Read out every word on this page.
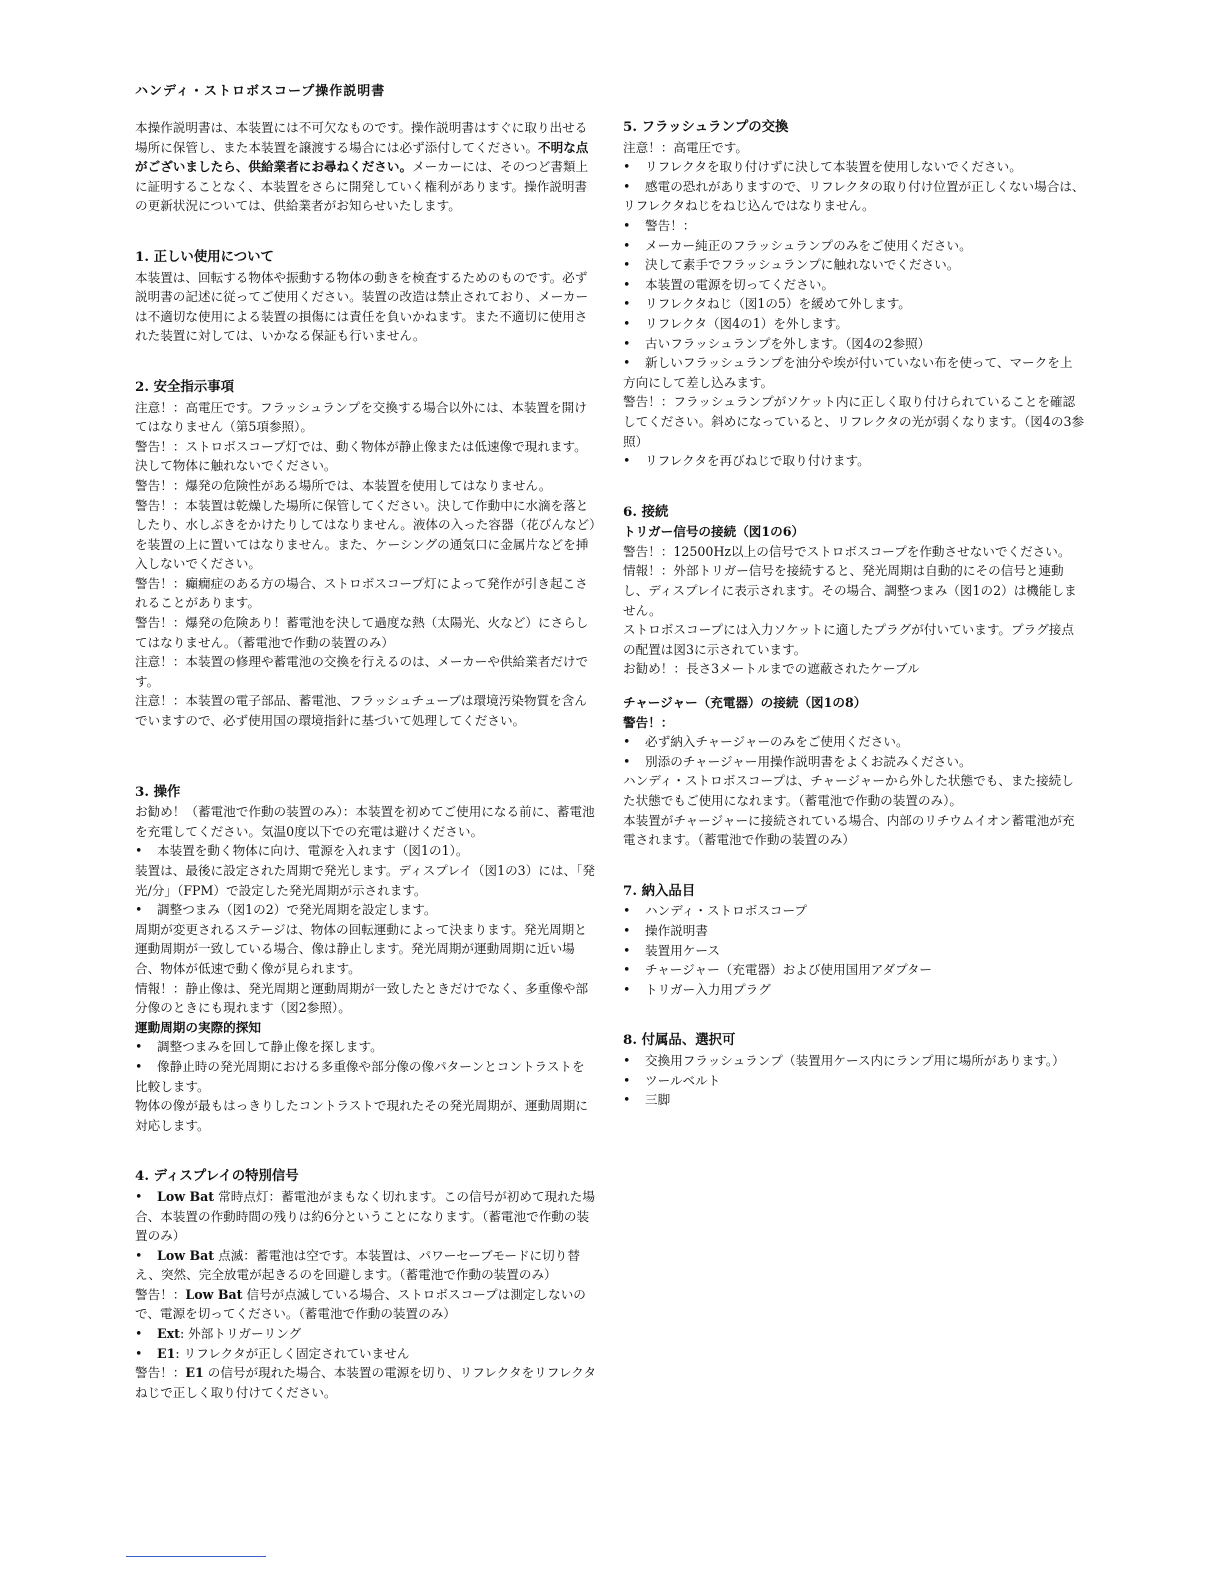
ハンディ・ストロボスコープ操作説明書

本操作説明書は、本装置には不可欠なものです。操作説明書はすぐに取り出せる場所に保管し、また本装置を譲渡する場合には必ず添付してください。不明な点がございましたら、供給業者にお尋ねください。メーカーには、そのつど書類上に証明することなく、本装置をさらに開発していく権利があります。操作説明書の更新状況については、供給業者がお知らせいたします。

1. 正しい使用について

本装置は、回転する物体や振動する物体の動きを検査するためのものです。必ず説明書の記述に従ってご使用ください。装置の改造は禁止されており、メーカーは不適切な使用による装置の損傷には責任を負いかねます。また不適切に使用された装置に対しては、いかなる保証も行いません。

2. 安全指示事項

注意！：高電圧です。フラッシュランプを交換する場合以外には、本装置を開けてはなりません（第5項参照）。

警告！：ストロボスコープ灯では、動く物体が静止像または低速像で現れます。決して物体に触れないでください。

警告！：爆発の危険性がある場所では、本装置を使用してはなりません。

警告！：本装置は乾燥した場所に保管してください。決して作動中に水滴を落としたり、水しぶきをかけたりしてはなりません。液体の入った容器（花びんなど）を装置の上に置いてはなりません。また、ケーシングの通気口に金属片などを挿入しないでください。

警告！：癲癇症のある方の場合、ストロボスコープ灯によって発作が引き起こされることがあります。

警告！：爆発の危険あり！蓄電池を決して過度な熱（太陽光、火など）にさらしてはなりません。（蓄電池で作動の装置のみ）

注意！：本装置の修理や蓄電池の交換を行えるのは、メーカーや供給業者だけです。

注意！：本装置の電子部品、蓄電池、フラッシュチューブは環境汚染物質を含んでいますので、必ず使用国の環境指針に基づいて処理してください。

3. 操作

お勧め！（蓄電池で作動の装置のみ）：本装置を初めてご使用になる前に、蓄電池を充電してください。気温0度以下での充電は避けください。

• 本装置を動く物体に向け、電源を入れます（図1の1）。

装置は、最後に設定された周期で発光します。ディスプレイ（図1の3）には、「発光/分」（FPM）で設定した発光周期が示されます。

• 調整つまみ（図1の2）で発光周期を設定します。

周期が変更されるステージは、物体の回転運動によって決まります。発光周期と運動周期が一致している場合、像は静止します。発光周期が運動周期に近い場合、物体が低速で動く像が見られます。

情報！：静止像は、発光周期と運動周期が一致したときだけでなく、多重像や部分像のときにも現れます（図2参照）。

運動周期の実際的探知

• 調整つまみを回して静止像を探します。

• 像静止時の発光周期における多重像や部分像の像パターンとコントラストを比較します。

物体の像が最もはっきりしたコントラストで現れたその発光周期が、運動周期に対応します。

4. ディスプレイの特別信号

• Low Bat 常時点灯：蓄電池がまもなく切れます。この信号が初めて現れた場合、本装置の作動時間の残りは約6分ということになります。（蓄電池で作動の装置のみ）

• Low Bat 点滅：蓄電池は空です。本装置は、パワーセーブモードに切り替え、突然、完全放電が起きるのを回避します。（蓄電池で作動の装置のみ）

警告！：Low Bat 信号が点滅している場合、ストロボスコープは測定しないので、電源を切ってください。（蓄電池で作動の装置のみ）

• Ext: 外部トリガーリング

• E1: リフレクタが正しく固定されていません

警告！：E1 の信号が現れた場合、本装置の電源を切り、リフレクタをリフレクタねじで正しく取り付けてください。

5. フラッシュランプの交換

注意！：高電圧です。

• リフレクタを取り付けずに決して本装置を使用しないでください。

• 感電の恐れがありますので、リフレクタの取り付け位置が正しくない場合は、リフレクタねじをねじ込んではなりません。

• 警告！：

• メーカー純正のフラッシュランプのみをご使用ください。

• 決して素手でフラッシュランプに触れないでください。

• 本装置の電源を切ってください。

• リフレクタねじ（図1の5）を緩めて外します。

• リフレクタ（図4の1）を外します。

• 古いフラッシュランプを外します。（図4の2参照）

• 新しいフラッシュランプを油分や埃が付いていない布を使って、マークを上方向にして差し込みます。

警告！：フラッシュランプがソケット内に正しく取り付けられていることを確認してください。斜めになっていると、リフレクタの光が弱くなります。（図4の3参照）

• リフレクタを再びねじで取り付けます。

6. 接続

トリガー信号の接続（図1の6）

警告！：12500Hz以上の信号でストロボスコープを作動させないでください。

情報！：外部トリガー信号を接続すると、発光周期は自動的にその信号と連動し、ディスプレイに表示されます。その場合、調整つまみ（図1の2）は機能しません。

ストロボスコープには入力ソケットに適したプラグが付いています。プラグ接点の配置は図3に示されています。

お勧め！：長さ3メートルまでの遮蔽されたケーブル

チャージャー（充電器）の接続（図1の8）

警告！：

• 必ず納入チャージャーのみをご使用ください。

• 別添のチャージャー用操作説明書をよくお読みください。

ハンディ・ストロボスコープは、チャージャーから外した状態でも、また接続した状態でもご使用になれます。（蓄電池で作動の装置のみ）。

本装置がチャージャーに接続されている場合、内部のリチウムイオン蓄電池が充電されます。（蓄電池で作動の装置のみ）

7. 納入品目

• ハンディ・ストロボスコープ

• 操作説明書

• 装置用ケース

• チャージャー（充電器）および使用国用アダプター

• トリガー入力用プラグ

8. 付属品、選択可

• 交換用フラッシュランプ（装置用ケース内にランプ用に場所があります。）

• ツールベルト

• 三脚
